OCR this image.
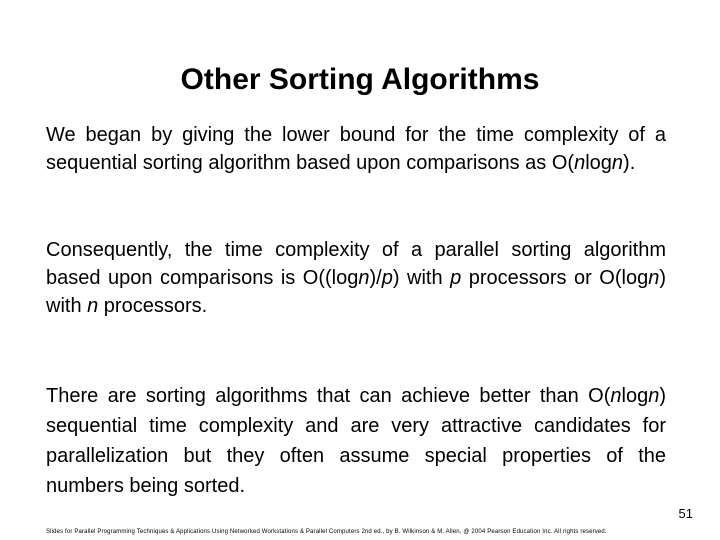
Other Sorting Algorithms
We began by giving the lower bound for the time complexity of a sequential sorting algorithm based upon comparisons as O(nlogn).
Consequently, the time complexity of a parallel sorting algorithm based upon comparisons is O((logn)/p) with p processors or O(logn) with n processors.
There are sorting algorithms that can achieve better than O(nlogn) sequential time complexity and are very attractive candidates for parallelization but they often assume special properties of the numbers being sorted.
51
Slides for Parallel Programming Techniques & Applications Using Networked Workstations & Parallel Computers 2nd ed., by B. Wilkinson & M. Allen, @ 2004 Pearson Education Inc. All rights reserved.
